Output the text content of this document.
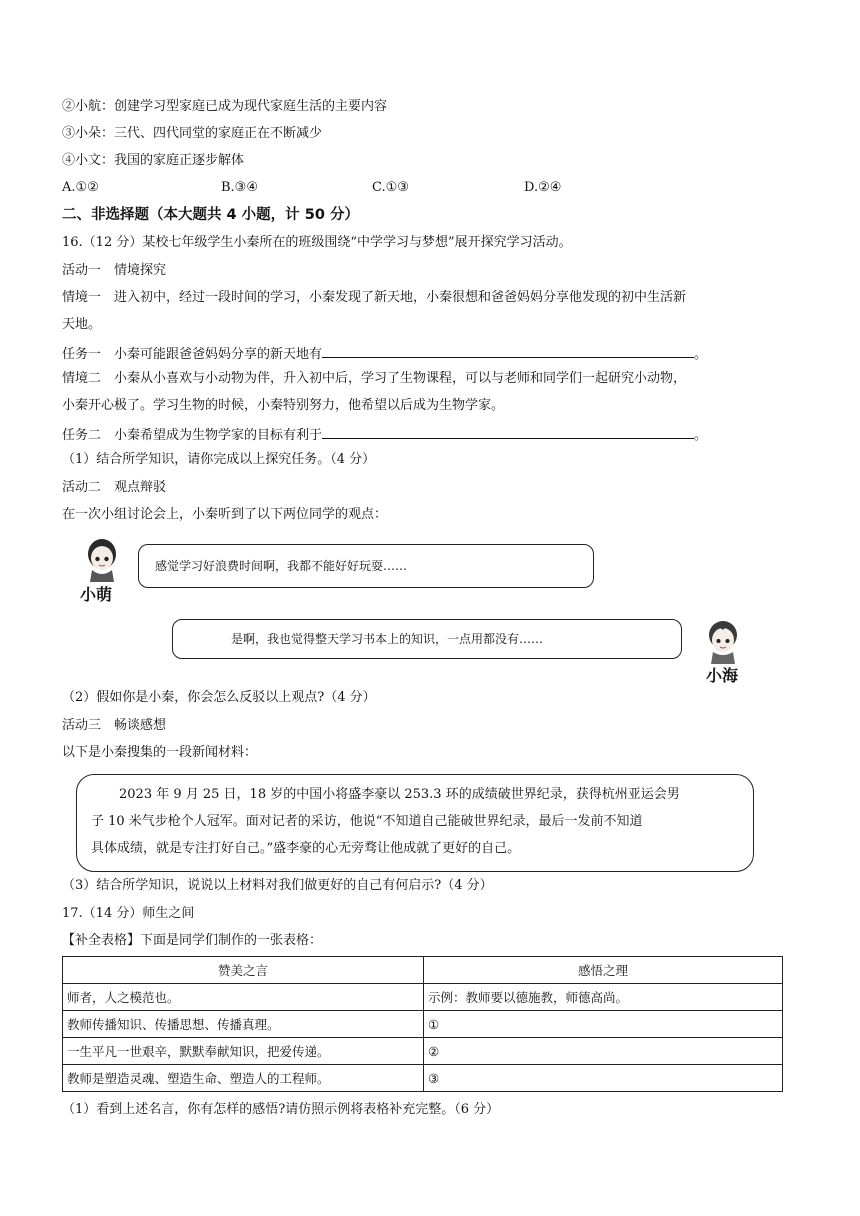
②小航：创建学习型家庭已成为现代家庭生活的主要内容
③小朵：三代、四代同堂的家庭正在不断减少
④小文：我国的家庭正逐步解体
A.①②	B.③④	C.①③	D.②④
二、非选择题（本大题共 4 小题，计 50 分）
16.（12 分）某校七年级学生小秦所在的班级围绕“中学学习与梦想”展开探究学习活动。
活动一　情境探究
情境一　进入初中，经过一段时间的学习，小秦发现了新天地，小秦很想和爸爸妈妈分享他发现的初中生活新
天地。
任务一　小秦可能跟爸爸妈妈分享的新天地有	。
情境二　小秦从小喜欢与小动物为伴，升入初中后，学习了生物课程，可以与老师和同学们一起研究小动物，
小秦开心极了。学习生物的时候，小秦特别努力，他希望以后成为生物学家。
任务二　小秦希望成为生物学家的目标有利于	。
（1）结合所学知识，请你完成以上探究任务。（4 分）
活动二　观点辩驳
在一次小组讨论会上，小秦听到了以下两位同学的观点：
小萌
感觉学习好浪费时间啊，我都不能好好玩耍……
是啊，我也觉得整天学习书本上的知识，一点用都没有……
小海
（2）假如你是小秦，你会怎么反驳以上观点?（4 分）
活动三　畅谈感想
以下是小秦搜集的一段新闻材料：
2023 年 9 月 25 日，18 岁的中国小将盛李豪以 253.3 环的成绩破世界纪录，获得杭州亚运会男
子 10 米气步枪个人冠军。面对记者的采访，他说“不知道自己能破世界纪录，最后一发前不知道
具体成绩，就是专注打好自己。”盛李豪的心无旁骛让他成就了更好的自己。
（3）结合所学知识，说说以上材料对我们做更好的自己有何启示?（4 分）
17.（14 分）师生之间
【补全表格】下面是同学们制作的一张表格：
赞美之言	感悟之理
师者，人之模范也。	示例：教师要以德施教，师德高尚。
教师传播知识、传播思想、传播真理。	①
一生平凡一世艰辛，默默奉献知识，把爱传递。	②
教师是塑造灵魂、塑造生命、塑造人的工程师。	③
（1）看到上述名言，你有怎样的感悟?请仿照示例将表格补充完整。（6 分）
